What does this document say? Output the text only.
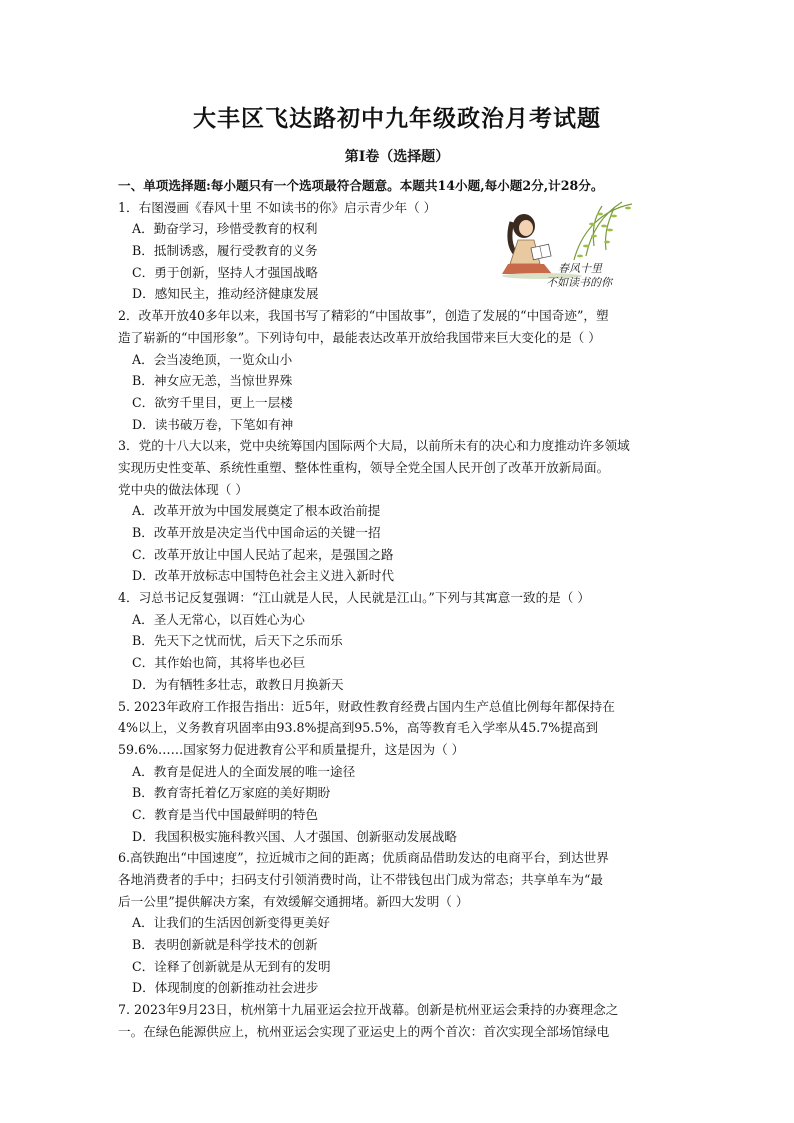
大丰区飞达路初中九年级政治月考试题
第Ⅰ卷（选择题）
一、单项选择题:每小题只有一个选项最符合题意。本题共14小题,每小题2分,计28分。
1．右图漫画《春风十里 不如读书的你》启示青少年（ ）
A．勤奋学习，珍惜受教育的权利
B．抵制诱惑，履行受教育的义务
C．勇于创新，坚持人才强国战略
D．感知民主，推动经济健康发展
2．改革开放40多年以来，我国书写了精彩的“中国故事”，创造了发展的“中国奇迹”，塑
造了崭新的“中国形象”。下列诗句中，最能表达改革开放给我国带来巨大变化的是（ ）
A．会当凌绝顶，一览众山小
B．神女应无恙，当惊世界殊
C．欲穷千里目，更上一层楼
D．读书破万卷，下笔如有神
3．党的十八大以来，党中央统筹国内国际两个大局，以前所未有的决心和力度推动许多领域
实现历史性变革、系统性重塑、整体性重构，领导全党全国人民开创了改革开放新局面。
党中央的做法体现（ ）
A．改革开放为中国发展奠定了根本政治前提
B．改革开放是决定当代中国命运的关键一招
C．改革开放让中国人民站了起来，是强国之路
D．改革开放标志中国特色社会主义进入新时代
4．习总书记反复强调：“江山就是人民，人民就是江山。”下列与其寓意一致的是（ ）
A．圣人无常心，以百姓心为心
B．先天下之忧而忧，后天下之乐而乐
C．其作始也简，其将毕也必巨
D．为有牺牲多壮志，敢教日月换新天
5. 2023年政府工作报告指出：近5年，财政性教育经费占国内生产总值比例每年都保持在
4%以上，义务教育巩固率由93.8%提高到95.5%，高等教育毛入学率从45.7%提高到
59.6%……国家努力促进教育公平和质量提升，这是因为（ ）
A．教育是促进人的全面发展的唯一途径
B．教育寄托着亿万家庭的美好期盼
C．教育是当代中国最鲜明的特色
D．我国积极实施科教兴国、人才强国、创新驱动发展战略
6.高铁跑出“中国速度”，拉近城市之间的距离；优质商品借助发达的电商平台，到达世界
各地消费者的手中；扫码支付引领消费时尚，让不带钱包出门成为常态；共享单车为“最
后一公里”提供解决方案，有效缓解交通拥堵。新四大发明（ ）
A．让我们的生活因创新变得更美好
B．表明创新就是科学技术的创新
C．诠释了创新就是从无到有的发明
D．体现制度的创新推动社会进步
7. 2023年9月23日，杭州第十九届亚运会拉开战幕。创新是杭州亚运会秉持的办赛理念之
一。在绿色能源供应上，杭州亚运会实现了亚运史上的两个首次：首次实现全部场馆绿电
春风十里
不如读书的你
